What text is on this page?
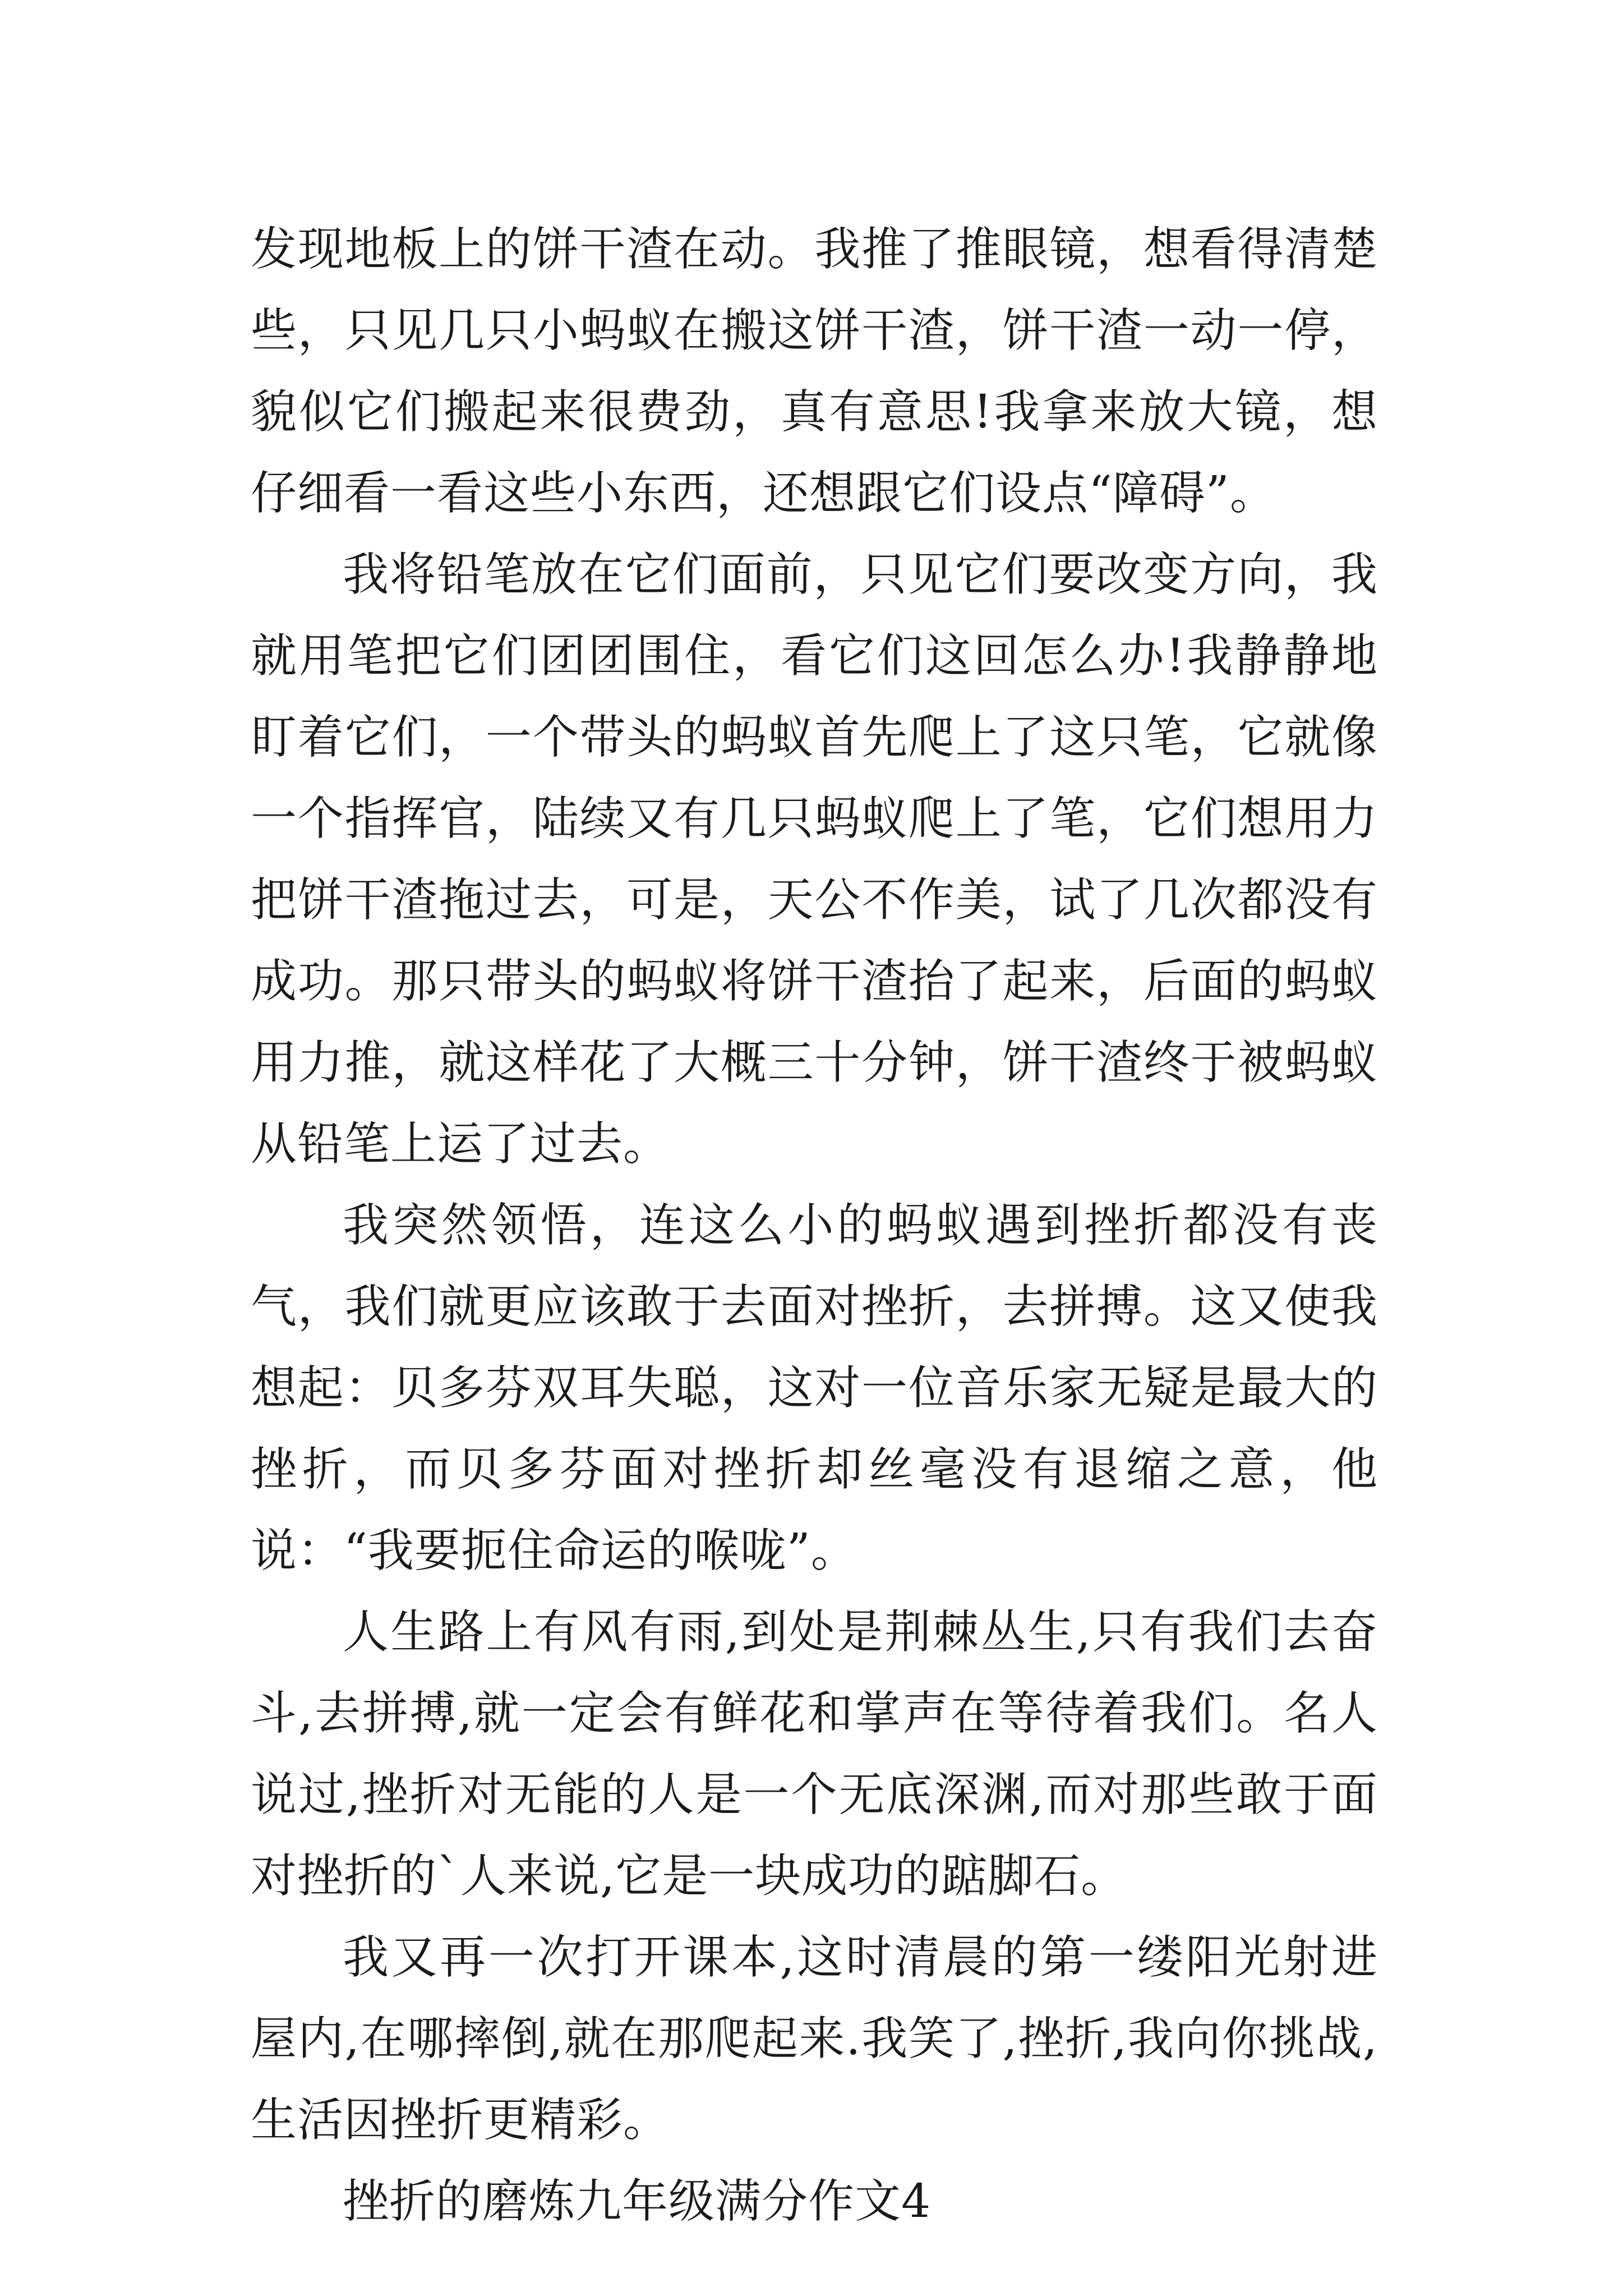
发现地板上的饼干渣在动。我推了推眼镜，想看得清楚些，只见几只小蚂蚁在搬这饼干渣，饼干渣一动一停，貌似它们搬起来很费劲，真有意思!我拿来放大镜，想仔细看一看这些小东西，还想跟它们设点“障碍”。

我将铅笔放在它们面前，只见它们要改变方向，我就用笔把它们团团围住，看它们这回怎么办!我静静地盯着它们，一个带头的蚂蚁首先爬上了这只笔，它就像一个指挥官，陆续又有几只蚂蚁爬上了笔，它们想用力把饼干渣拖过去，可是，天公不作美，试了几次都没有成功。那只带头的蚂蚁将饼干渣抬了起来，后面的蚂蚁用力推，就这样花了大概三十分钟，饼干渣终于被蚂蚁从铅笔上运了过去。

我突然领悟，连这么小的蚂蚁遇到挫折都没有丧气，我们就更应该敢于去面对挫折，去拼搏。这又使我想起：贝多芬双耳失聪，这对一位音乐家无疑是最大的挫折，而贝多芬面对挫折却丝毫没有退缩之意，他说：“我要扼住命运的喉咙”。

人生路上有风有雨,到处是荆棘丛生,只有我们去奋斗,去拼搏,就一定会有鲜花和掌声在等待着我们。名人说过,挫折对无能的人是一个无底深渊,而对那些敢于面对挫折的`人来说,它是一块成功的踮脚石。

我又再一次打开课本,这时清晨的第一缕阳光射进屋内,在哪摔倒,就在那爬起来.我笑了,挫折,我向你挑战,生活因挫折更精彩。

挫折的磨炼九年级满分作文4
